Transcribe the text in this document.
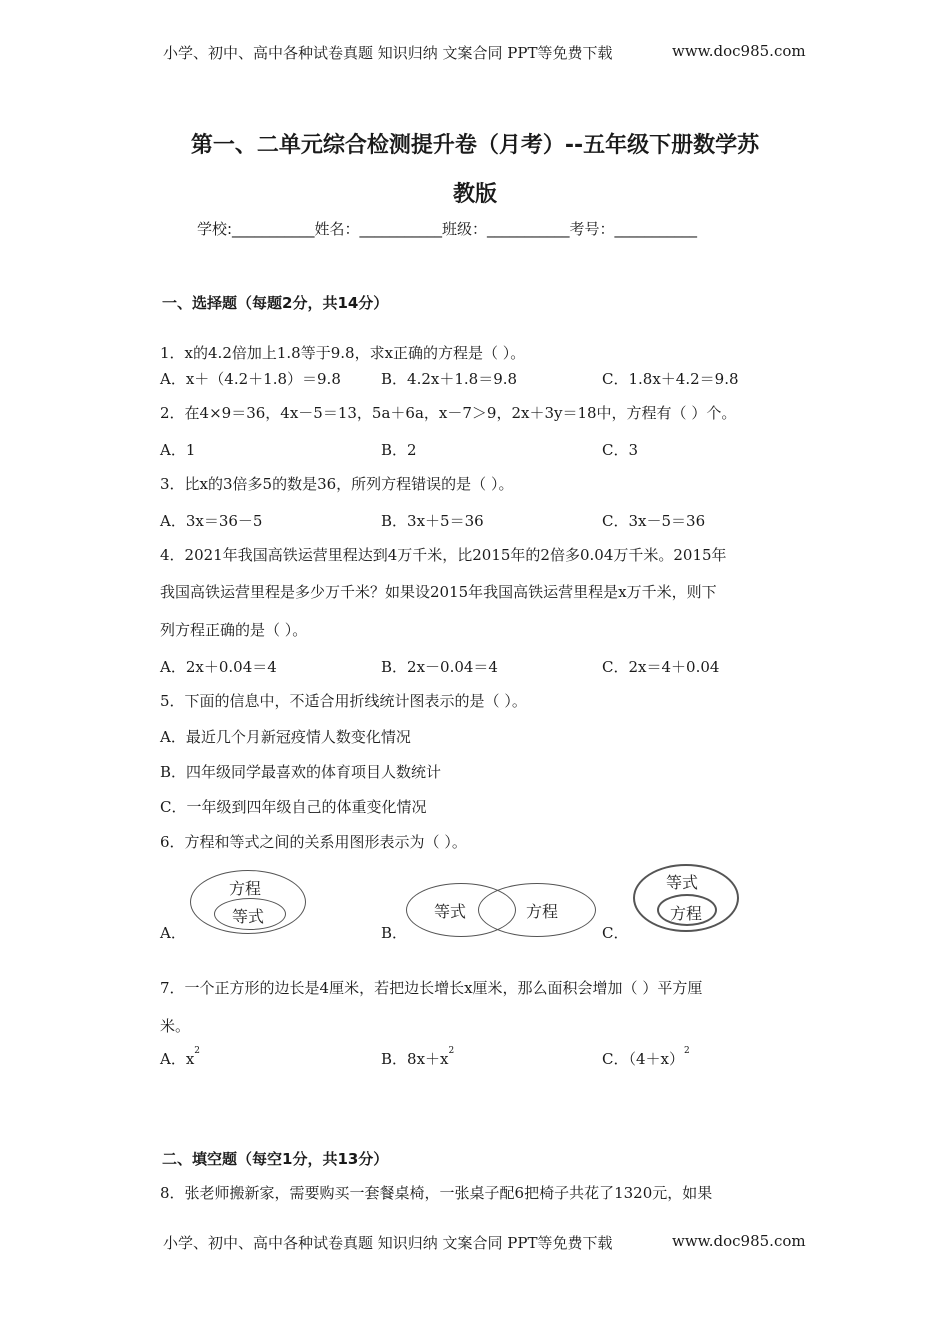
小学、初中、高中各种试卷真题 知识归纳 文案合同 PPT等免费下载	www.doc985.com
第一、二单元综合检测提升卷（月考）--五年级下册数学苏
教版
学校:___________姓名：___________班级：___________考号：___________
一、选择题（每题2分，共14分）
1．x的4.2倍加上1.8等于9.8，求x正确的方程是（ ）。
A．x＋（4.2＋1.8）＝9.8	B．4.2x＋1.8＝9.8	C．1.8x＋4.2＝9.8
2．在4×9＝36，4x－5＝13，5a＋6a，x－7＞9，2x＋3y＝18中，方程有（ ）个。
A．1	B．2	C．3
3．比x的3倍多5的数是36，所列方程错误的是（ ）。
A．3x＝36－5	B．3x＋5＝36	C．3x－5＝36
4．2021年我国高铁运营里程达到4万千米，比2015年的2倍多0.04万千米。2015年
我国高铁运营里程是多少万千米？如果设2015年我国高铁运营里程是x万千米，则下
列方程正确的是（ ）。
A．2x＋0.04＝4	B．2x－0.04＝4	C．2x＝4＋0.04
5．下面的信息中，不适合用折线统计图表示的是（ ）。
A．最近几个月新冠疫情人数变化情况
B．四年级同学最喜欢的体育项目人数统计
C．一年级到四年级自己的体重变化情况
6．方程和等式之间的关系用图形表示为（ ）。
方程
等式
A．
等式	方程
B．
等式
方程
C．
7．一个正方形的边长是4厘米，若把边长增长x厘米，那么面积会增加（ ）平方厘
米。
A．$x^2$	B．$8x+x^2$	C．$(4+x)^2$
二、填空题（每空1分，共13分）
8．张老师搬新家，需要购买一套餐桌椅，一张桌子配6把椅子共花了1320元，如果
小学、初中、高中各种试卷真题 知识归纳 文案合同 PPT等免费下载	www.doc985.com
